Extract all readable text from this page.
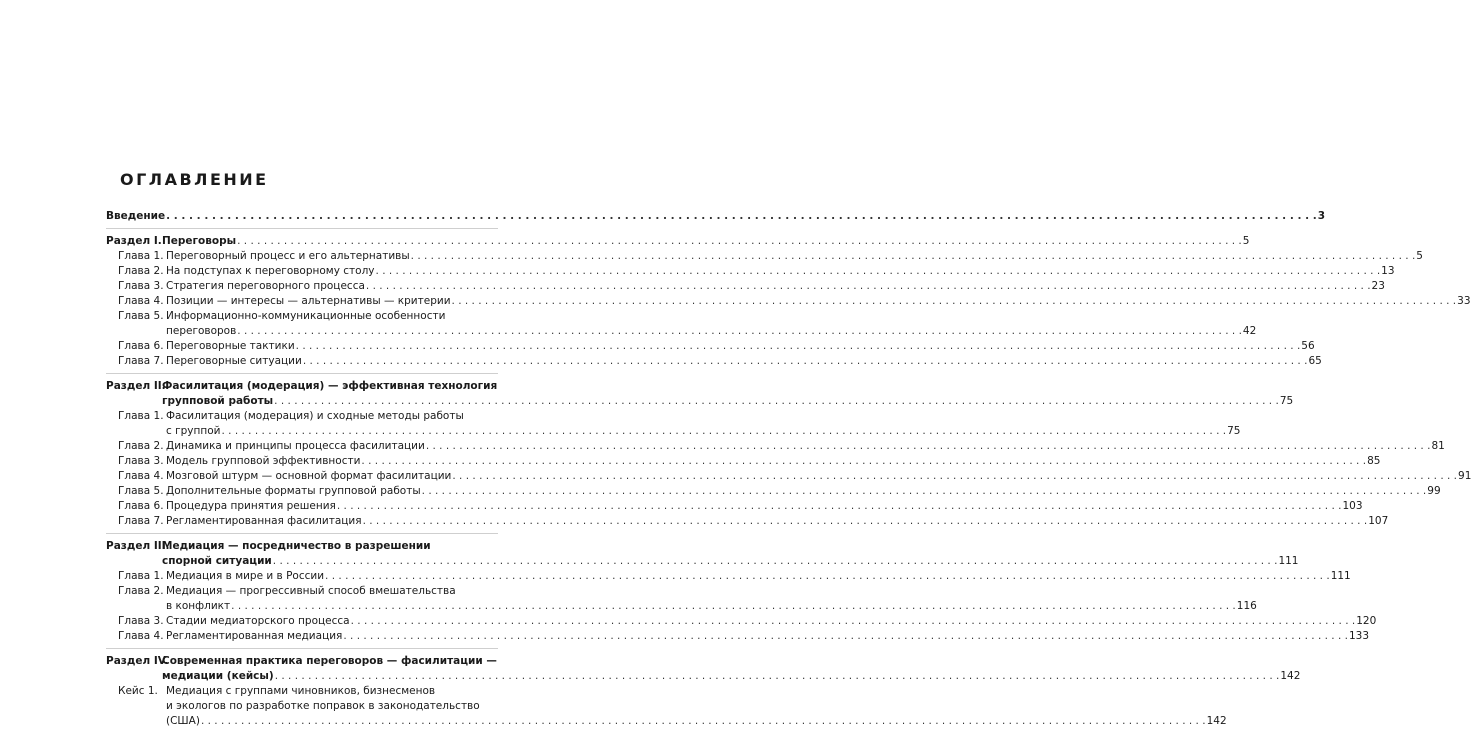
ОГЛАВЛЕНИЕ
Введение . . .	3
Раздел I. Переговоры . . .	5
Глава 1. Переговорный процесс и его альтернативы . . .	5
Глава 2. На подступах к переговорному столу . . .	13
Глава 3. Стратегия переговорного процесса . . .	23
Глава 4. Позиции — интересы — альтернативы — критерии . . .	33
Глава 5. Информационно-коммуникационные особенности
переговоров . . .	42
Глава 6. Переговорные тактики . . .	56
Глава 7. Переговорные ситуации . . .	65
Раздел II.
Фасилитация (модерация) — эффективная технология
групповой работы . . .	75
Глава 1. Фасилитация (модерация) и сходные методы работы
с группой . . .	75
Глава 2. Динамика и принципы процесса фасилитации . . .	81
Глава 3. Модель групповой эффективности . . .	85
Глава 4. Мозговой штурм — основной формат фасилитации . . .	91
Глава 5. Дополнительные форматы групповой работы . . .	99
Глава 6. Процедура принятия решения . . .	103
Глава 7. Регламентированная фасилитация . . .	107
Раздел III.
Медиация — посредничество в разрешении
спорной ситуации . . .	111
Глава 1. Медиация в мире и в России . . .	111
Глава 2. Медиация — прогрессивный способ вмешательства
в конфликт . . .	116
Глава 3. Стадии медиаторского процесса . . .	120
Глава 4. Регламентированная медиация . . .	133
Раздел IV.
Современная практика переговоров — фасилитации —
медиации (кейсы) . . .	142
Кейс 1. Медиация с группами чиновников, бизнесменов
и экологов по разработке поправок в законодательство
(США) . . .	142
